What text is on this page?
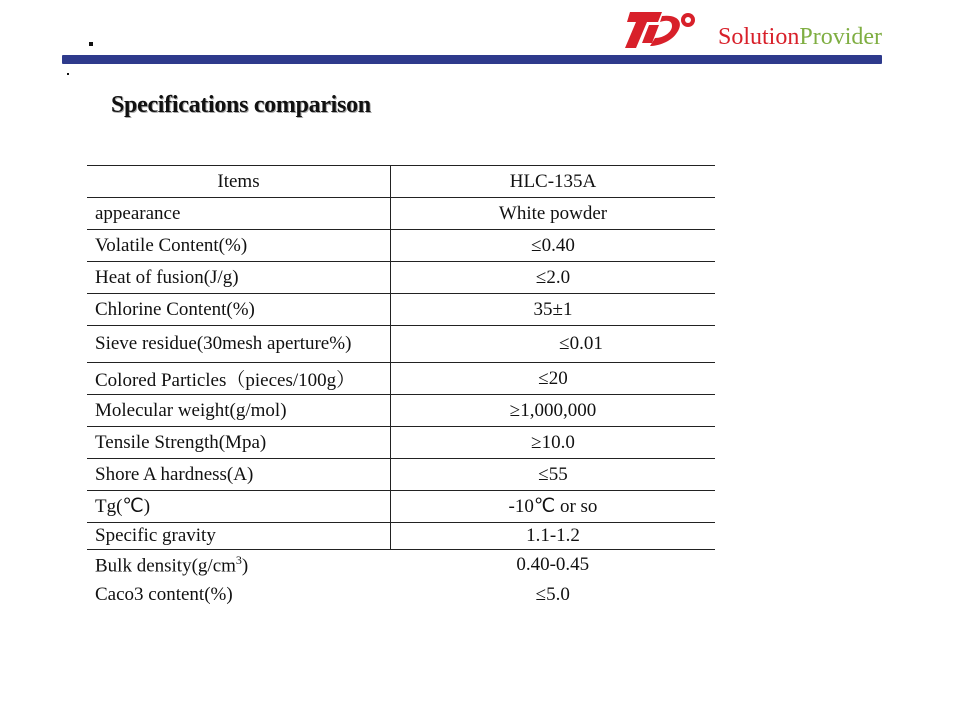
SolutionProvider
Specifications comparison
Items	HLC-135A
appearance	White powder
Volatile Content(%)	≤0.40
Heat of fusion(J/g)	≤2.0
Chlorine Content(%)	35±1
Sieve residue(30mesh aperture%)	≤0.01
Colored Particles（pieces/100g）	≤20
Molecular weight(g/mol)	≥1,000,000
Tensile Strength(Mpa)	≥10.0
Shore A hardness(A)	≤55
Tg(℃)	-10℃ or so
Specific gravity	1.1-1.2
Bulk $density(g/cm^3)$	0.40-0.45
Caco3 content(%)	≤5.0
